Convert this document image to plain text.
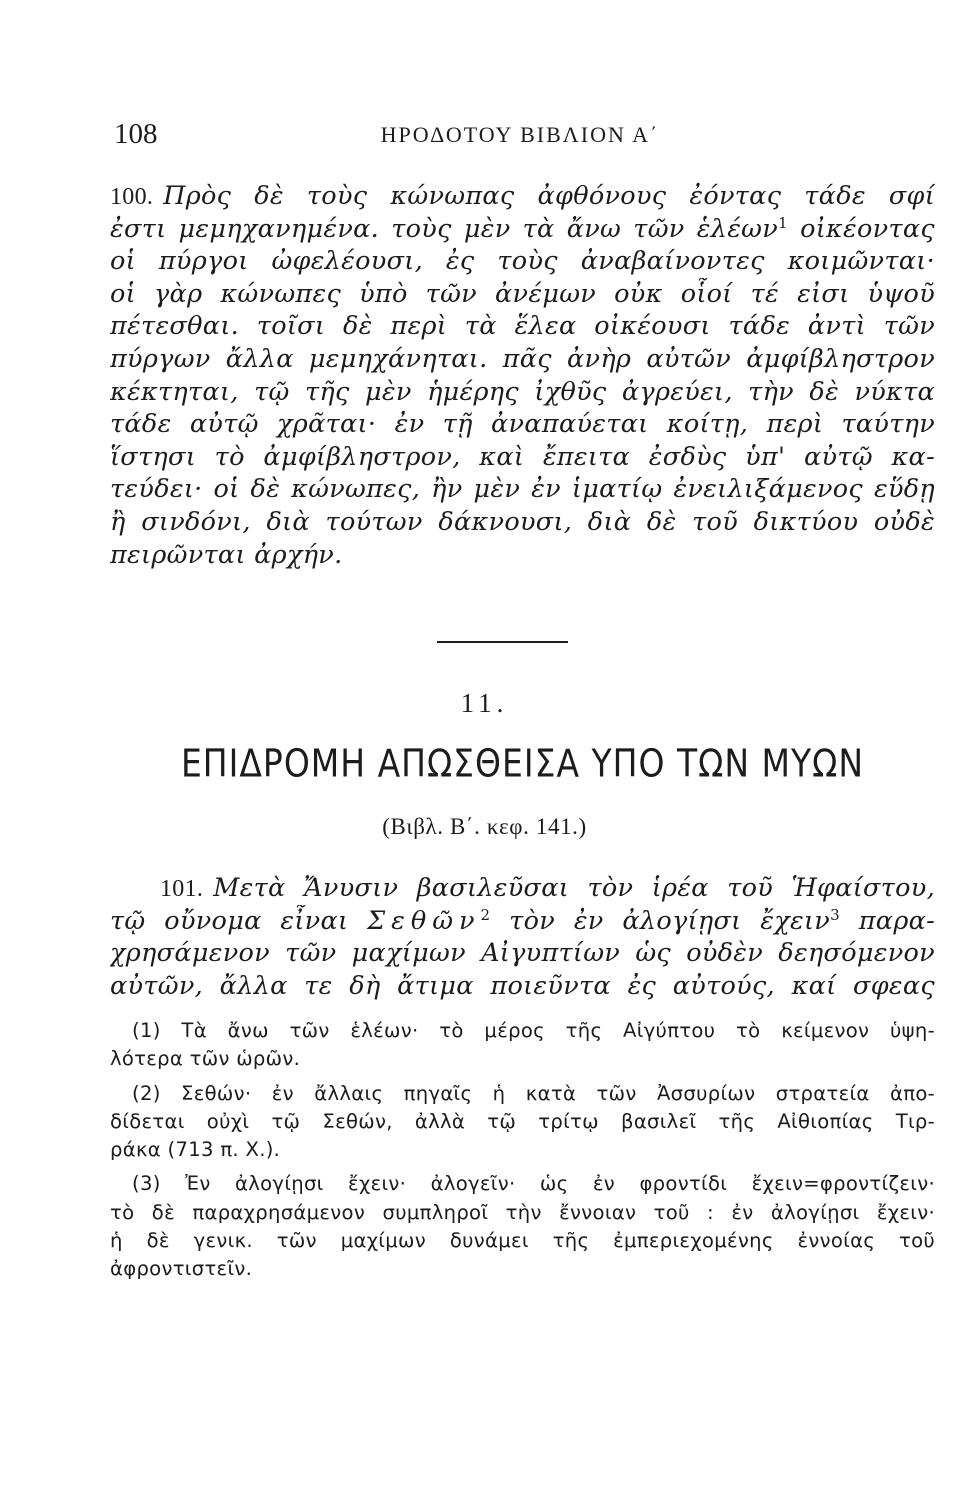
108	ΗΡΟΔΟΤΟΥ ΒΙΒΛΙΟΝ Α΄
100. Πρὸς δὲ τοὺς κώνωπας ἀφθόνους ἐόντας τάδε σφί
ἐστι μεμηχανημένα. τοὺς μὲν τὰ ἄνω τῶν ἑλέων$^1$ οἰκέοντας
οἱ πύργοι ὠφελέουσι, ἐς τοὺς ἀναβαίνοντες κοιμῶνται·
οἱ γὰρ κώνωπες ὑπὸ τῶν ἀνέμων οὐκ οἷοί τέ εἰσι ὑψοῦ
πέτεσθαι. τοῖσι δὲ περὶ τὰ ἕλεα οἰκέουσι τάδε ἀντὶ τῶν
πύργων ἄλλα μεμηχάνηται. πᾶς ἀνὴρ αὐτῶν ἀμφίβληστρον
κέκτηται, τῷ τῆς μὲν ἡμέρης ἰχθῦς ἀγρεύει, τὴν δὲ νύκτα
τάδε αὐτῷ χρᾶται· ἐν τῇ ἀναπαύεται κοίτῃ, περὶ ταύτην
ἵστησι τὸ ἀμφίβληστρον, καὶ ἔπειτα ἐσδὺς ὑπ' αὐτῷ κα-
τεύδει· οἱ δὲ κώνωπες, ἢν μὲν ἐν ἱματίῳ ἐνειλιξάμενος εὕδῃ
ἢ σινδόνι, διὰ τούτων δάκνουσι, διὰ δὲ τοῦ δικτύου οὐδὲ
πειρῶνται ἀρχήν.
11.
ΕΠΙΔΡΟΜΗ ΑΠΩΣΘΕΙΣΑ ΥΠΟ ΤΩΝ ΜΥΩΝ
(Βιβλ. Β΄. κεφ. 141.)
101. Μετὰ Ἄνυσιν βασιλεῦσαι τὸν ἱρέα τοῦ Ἡφαίστου,
τῷ οὔνομα εἶναι Σεθῶν$^2$ τὸν ἐν ἀλογίῃσι ἔχειν$^3$ παρα-
χρησάμενον τῶν μαχίμων Αἰγυπτίων ὡς οὐδὲν δεησόμενον
αὐτῶν, ἄλλα τε δὴ ἄτιμα ποιεῦντα ἐς αὐτούς, καί σφεας
(1) Τὰ ἄνω τῶν ἑλέων· τὸ μέρος τῆς Αἰγύπτου τὸ κείμενον ὑψη-
λότερα τῶν ὡρῶν.
(2) Σεθών· ἐν ἄλλαις πηγαῖς ἡ κατὰ τῶν Ἀσσυρίων στρατεία ἀπο-
δίδεται οὐχὶ τῷ Σεθών, ἀλλὰ τῷ τρίτῳ βασιλεῖ τῆς Αἰθιοπίας Τιρ-
ράκα (713 π. Χ.).
(3) Ἐν ἀλογίῃσι ἔχειν· ἀλογεῖν· ὡς ἐν φροντίδι ἔχειν=φροντίζειν·
τὸ δὲ παραχρησάμενον συμπληροῖ τὴν ἔννοιαν τοῦ : ἐν ἀλογίῃσι ἔχειν·
ἡ δὲ γενικ. τῶν μαχίμων δυνάμει τῆς ἐμπεριεχομένης ἐννοίας τοῦ
ἀφροντιστεῖν.
